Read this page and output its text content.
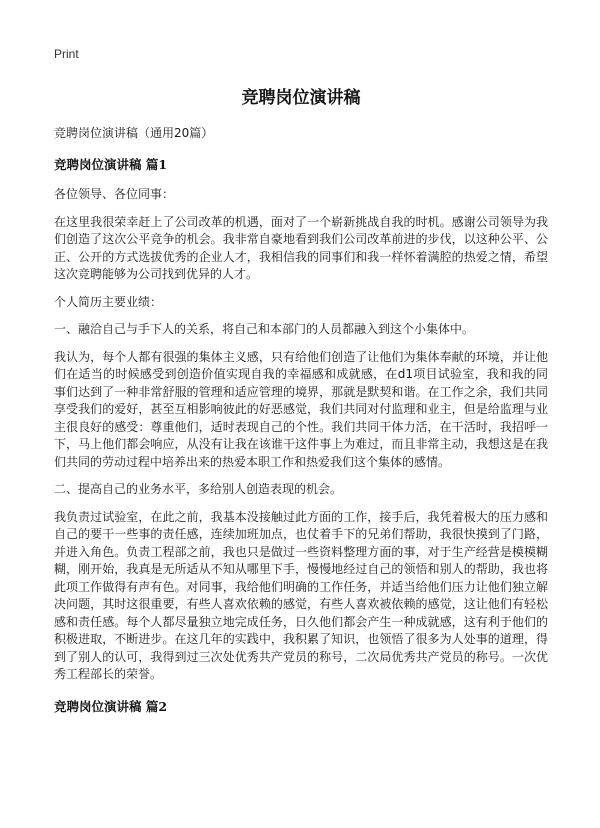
Print
竞聘岗位演讲稿

竞聘岗位演讲稿（通用20篇）

竞聘岗位演讲稿 篇1

各位领导、各位同事：

在这里我很荣幸赶上了公司改革的机遇，面对了一个崭新挑战自我的时机。感谢公司领导为我们创造了这次公平竞争的机会。我非常自豪地看到我们公司改革前进的步伐，以这种公平、公正、公开的方式选拔优秀的企业人才，我相信我的同事们和我一样怀着满腔的热爱之情，希望这次竞聘能够为公司找到优异的人才。

个人简历主要业绩：

一、融洽自己与手下人的关系，将自己和本部门的人员都融入到这个小集体中。

我认为，每个人都有很强的集体主义感，只有给他们创造了让他们为集体奉献的环境，并让他们在适当的时候感受到创造价值实现自我的幸福感和成就感，在d1项目试验室，我和我的同事们达到了一种非常舒服的管理和适应管理的境界，那就是默契和谐。在工作之余，我们共同享受我们的爱好，甚至互相影响彼此的好恶感觉，我们共同对付监理和业主，但是给监理与业主很良好的感受：尊重他们，适时表现自己的个性。我们共同干体力活，在干活时，我招呼一下，马上他们都会响应，从没有让我在该谁干这件事上为难过，而且非常主动，我想这是在我们共同的劳动过程中培养出来的热爱本职工作和热爱我们这个集体的感情。

二、提高自己的业务水平，多给别人创造表现的机会。

我负责过试验室，在此之前，我基本没接触过此方面的工作，接手后，我凭着极大的压力感和自己的要干一些事的责任感，连续加班加点，也仗着手下的兄弟们帮助，我很快摸到了门路，并进入角色。负责工程部之前，我也只是做过一些资料整理方面的事，对于生产经营是模模糊糊，刚开始，我真是无所适从不知从哪里下手，慢慢地经过自己的领悟和别人的帮助，我也将此项工作做得有声有色。对同事，我给他们明确的工作任务，并适当给他们压力让他们独立解决问题，其时这很重要，有些人喜欢依赖的感觉，有些人喜欢被依赖的感觉，这让他们有轻松感和责任感。每个人都尽量独立地完成任务，日久他们都会产生一种成就感，这有利于他们的积极进取，不断进步。在这几年的实践中，我积累了知识，也领悟了很多为人处事的道理，得到了别人的认可，我得到过三次处优秀共产党员的称号，二次局优秀共产党员的称号。一次优秀工程部长的荣誉。

竞聘岗位演讲稿 篇2
